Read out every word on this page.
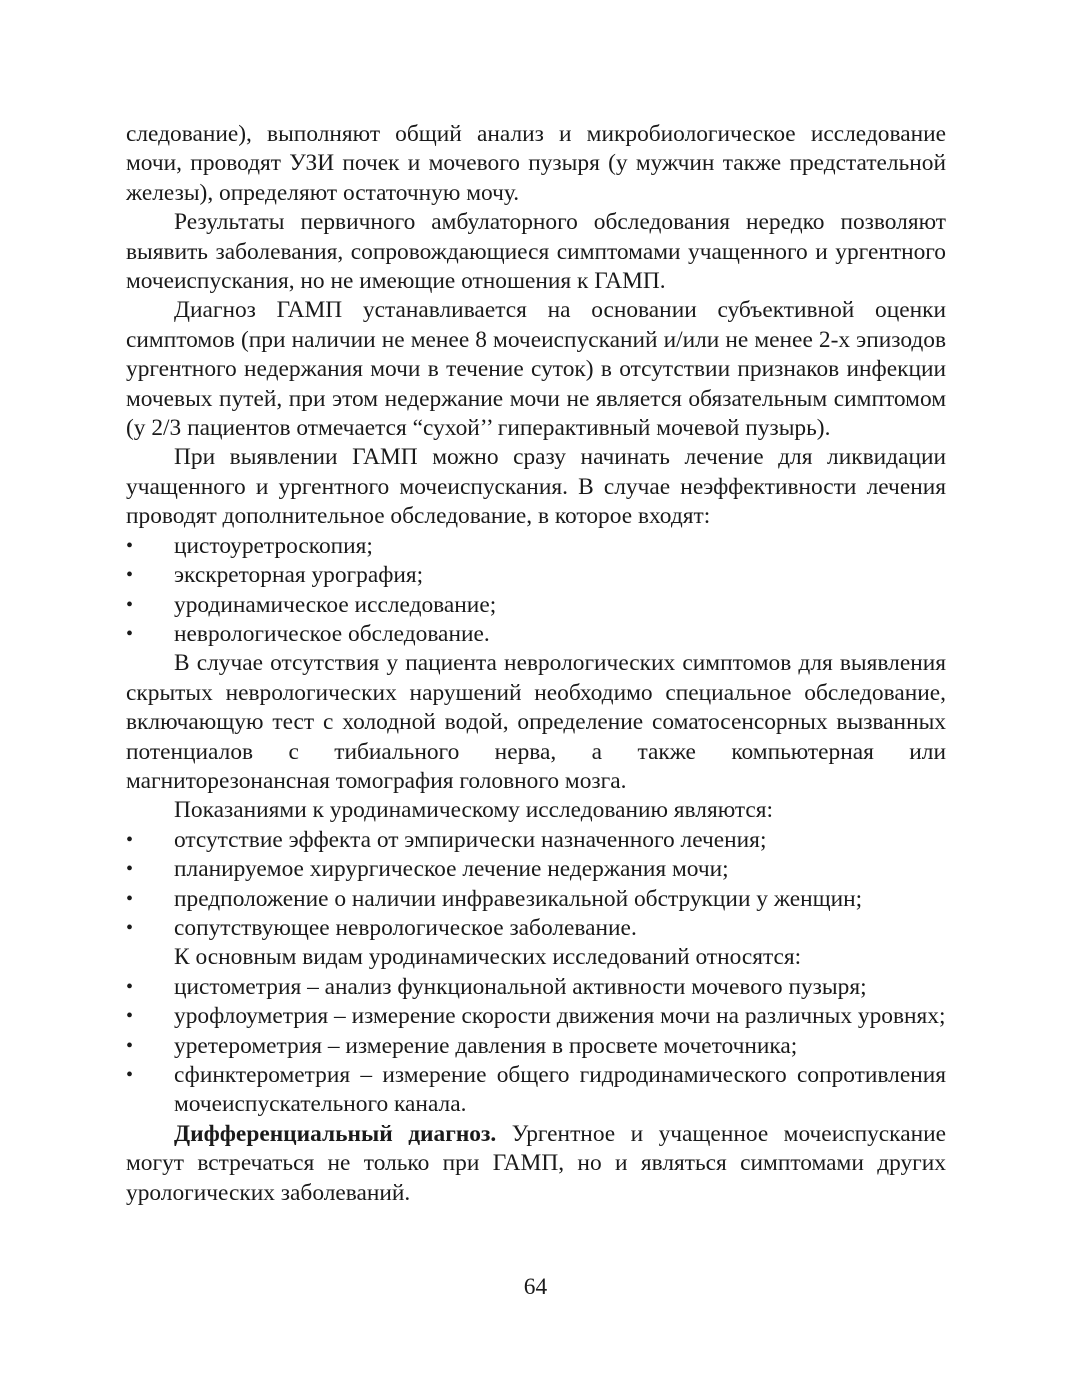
следование), выполняют общий анализ и микробиологическое исследование мочи, проводят УЗИ почек и мочевого пузыря (у мужчин также предстательной железы), определяют остаточную мочу.

Результаты первичного амбулаторного обследования нередко позволяют выявить заболевания, сопровождающиеся симптомами учащенного и ургентного мочеиспускания, но не имеющие отношения к ГАМП.

Диагноз ГАМП устанавливается на основании субъективной оценки симптомов (при наличии не менее 8 мочеиспусканий и/или не менее 2-х эпизодов ургентного недержания мочи в течение суток) в отсутствии признаков инфекции мочевых путей, при этом недержание мочи не является обязательным симптомом (у 2/3 пациентов отмечается “сухой’’ гиперактивный мочевой пузырь).

При выявлении ГАМП можно сразу начинать лечение для ликвидации учащенного и ургентного мочеиспускания. В случае неэффективности лечения проводят дополнительное обследование, в которое входят:

• цистоуретроскопия;
• экскреторная урография;
• уродинамическое исследование;
• неврологическое обследование.

В случае отсутствия у пациента неврологических симптомов для выявления скрытых неврологических нарушений необходимо специальное обследование, включающую тест с холодной водой, определение соматосенсорных вызванных потенциалов с тибиального нерва, а также компьютерная или магниторезонансная томография головного мозга.

Показаниями к уродинамическому исследованию являются:

• отсутствие эффекта от эмпирически назначенного лечения;
• планируемое хирургическое лечение недержания мочи;
• предположение о наличии инфравезикальной обструкции у женщин;
• сопутствующее неврологическое заболевание.

К основным видам уродинамических исследований относятся:

• цистометрия – анализ функциональной активности мочевого пузыря;
• урофлоуметрия – измерение скорости движения мочи на различных уровнях;
• уретерометрия – измерение давления в просвете мочеточника;
• сфинктерометрия – измерение общего гидродинамического сопротивления мочеиспускательного канала.

Дифференциальный диагноз. Ургентное и учащенное мочеиспускание могут встречаться не только при ГАМП, но и являться симптомами других урологических заболеваний.

64
